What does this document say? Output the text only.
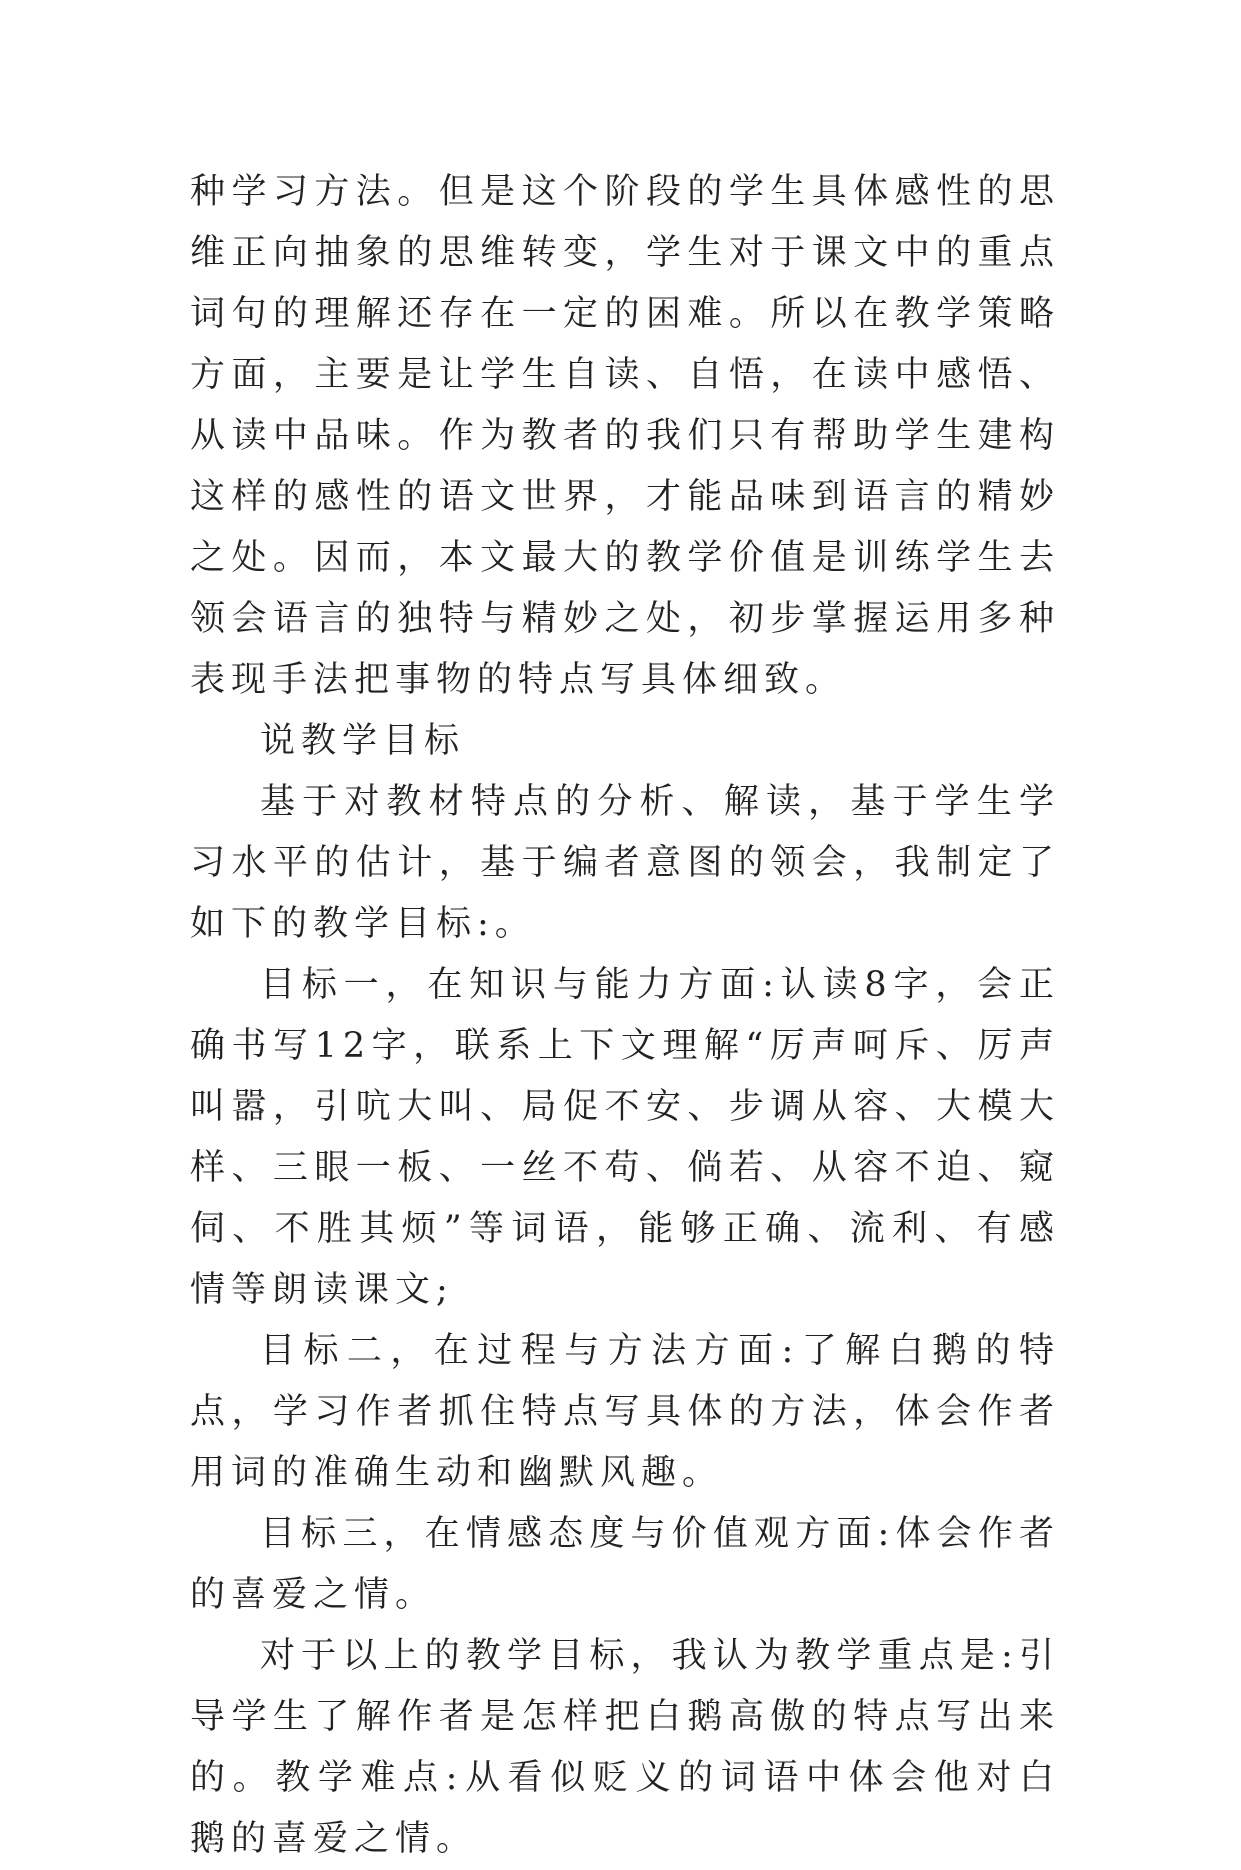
种学习方法。但是这个阶段的学生具体感性的思维正向抽象的思维转变，学生对于课文中的重点词句的理解还存在一定的困难。所以在教学策略方面，主要是让学生自读、自悟，在读中感悟、从读中品味。作为教者的我们只有帮助学生建构这样的感性的语文世界，才能品味到语言的精妙之处。因而，本文最大的教学价值是训练学生去领会语言的独特与精妙之处，初步掌握运用多种表现手法把事物的特点写具体细致。

说教学目标

基于对教材特点的分析、解读，基于学生学习水平的估计，基于编者意图的领会，我制定了如下的教学目标:。

目标一，在知识与能力方面:认读8字，会正确书写12字，联系上下文理解“厉声呵斥、厉声叫嚣，引吭大叫、局促不安、步调从容、大模大样、三眼一板、一丝不苟、倘若、从容不迫、窥伺、不胜其烦”等词语，能够正确、流利、有感情等朗读课文;

目标二，在过程与方法方面:了解白鹅的特点，学习作者抓住特点写具体的方法，体会作者用词的准确生动和幽默风趣。

目标三，在情感态度与价值观方面:体会作者的喜爱之情。

对于以上的教学目标，我认为教学重点是:引导学生了解作者是怎样把白鹅高傲的特点写出来的。教学难点:从看似贬义的词语中体会他对白鹅的喜爱之情。
